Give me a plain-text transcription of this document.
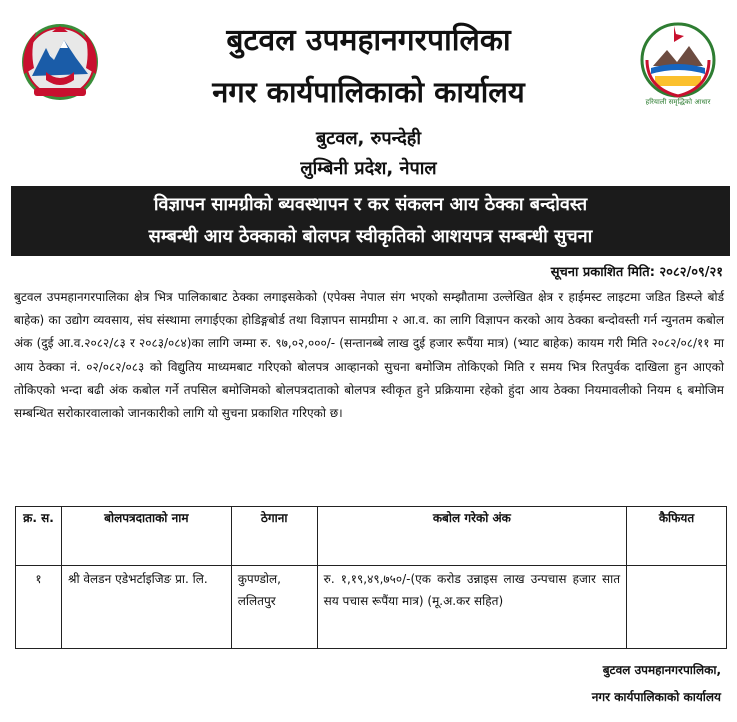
बुटवल उपमहानगरपालिका
नगर कार्यपालिकाको कार्यालय
बुटवल, रुपन्देही
लुम्बिनी प्रदेश, नेपाल
हरियाली समृद्धिको आधार
विज्ञापन सामग्रीको ब्यवस्थापन र कर संकलन आय ठेक्का बन्दोवस्त
सम्बन्धी आय ठेक्काको बोलपत्र स्वीकृतिको आशयपत्र सम्बन्धी सुचना
सूचना प्रकाशित मिति: २०८२/०९/२१
बुटवल उपमहानगरपालिका क्षेत्र भित्र पालिकाबाट ठेक्का लगाइसकेको (एपेक्स नेपाल संग भएको सम्झौतामा उल्लेखित क्षेत्र र हाईमस्ट लाइटमा जडित डिस्प्ले बोर्ड बाहेक) का उद्योग व्यवसाय, संघ संस्थामा लगाईएका होडिङ्गबोर्ड तथा विज्ञापन सामग्रीमा २ आ.व. का लागि विज्ञापन करको आय ठेक्का बन्दोवस्ती गर्न न्युनतम कबोल अंक (दुई आ.व.२०८२/८३ र २०८३/०८४)का लागि जम्मा रु. ९७,०२,०००/- (सन्तानब्बे लाख दुई हजार रूपैंया मात्र) (भ्याट बाहेक) कायम गरी मिति २०८२/०८/११ मा आय ठेक्का नं. ०२/०८२/०८३ को विद्युतिय माध्यमबाट गरिएको बोलपत्र आव्हानको सुचना बमोजिम तोकिएको मिति र समय भित्र रितपुर्वक दाखिला हुन आएको तोकिएको भन्दा बढी अंक कबोल गर्ने तपसिल बमोजिमको बोलपत्रदाताको बोलपत्र स्वीकृत हुने प्रक्रियामा रहेको हुंदा आय ठेक्का नियमावलीको नियम ६ बमोजिम सम्बन्धित सरोकारवालाको जानकारीको लागि यो सुचना प्रकाशित गरिएको छ।
क्र. स.	बोलपत्रदाताको नाम	ठेगाना	कबोल गरेको अंक	कैफियत
१	श्री वेलडन एडेभर्टाइजिङ प्रा. लि.	कुपण्डोल, ललितपुर	रु. १,१९,४९,७५०/-(एक करोड उन्नाइस लाख उन्पचास हजार सात सय पचास रूपैंया मात्र) (मू.अ.कर सहित)	
बुटवल उपमहानगरपालिका,
नगर कार्यपालिकाको कार्यालय
